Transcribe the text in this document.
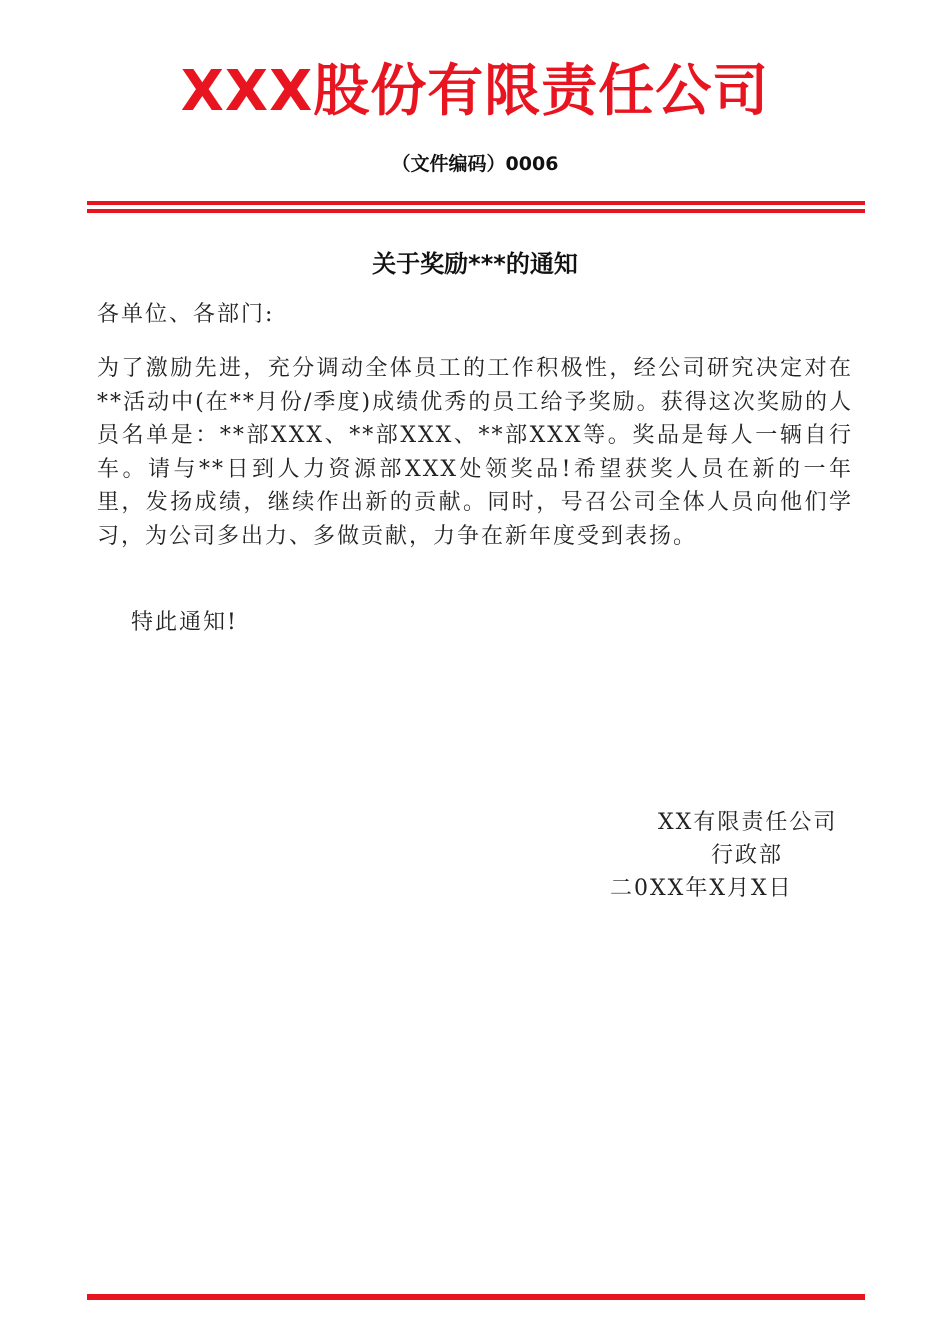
XXX股份有限责任公司
（文件编码）0006
关于奖励***的通知
各单位、各部门:
为了激励先进，充分调动全体员工的工作积极性，经公司研究决定对在**活动中(在**月份/季度)成绩优秀的员工给予奖励。获得这次奖励的人员名单是：**部XXX、**部XXX、**部XXX等。奖品是每人一辆自行车。请与**日到人力资源部XXX处领奖品!希望获奖人员在新的一年里，发扬成绩，继续作出新的贡献。同时，号召公司全体人员向他们学习，为公司多出力、多做贡献，力争在新年度受到表扬。
特此通知!
XX有限责任公司
行政部
二0XX年X月X日
